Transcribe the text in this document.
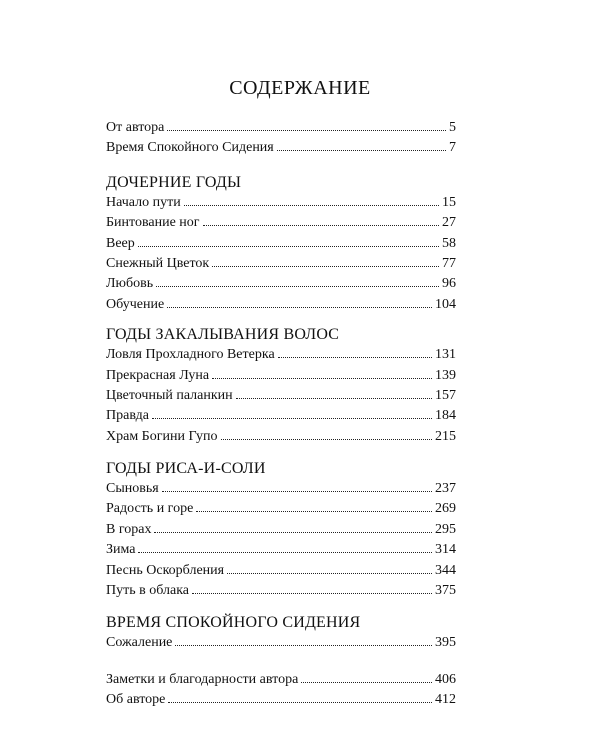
СОДЕРЖАНИЕ
От автора	5
Время Спокойного Сидения	7
ДОЧЕРНИЕ ГОДЫ
Начало пути	15
Бинтование ног	27
Веер	58
Снежный Цветок	77
Любовь	96
Обучение	104
ГОДЫ ЗАКАЛЫВАНИЯ ВОЛОС
Ловля Прохладного Ветерка	131
Прекрасная Луна	139
Цветочный паланкин	157
Правда	184
Храм Богини Гупо	215
ГОДЫ РИСА-И-СОЛИ
Сыновья	237
Радость и горе	269
В горах	295
Зима	314
Песнь Оскорбления	344
Путь в облака	375
ВРЕМЯ СПОКОЙНОГО СИДЕНИЯ
Сожаление	395
Заметки и благодарности автора	406
Об авторе	412
